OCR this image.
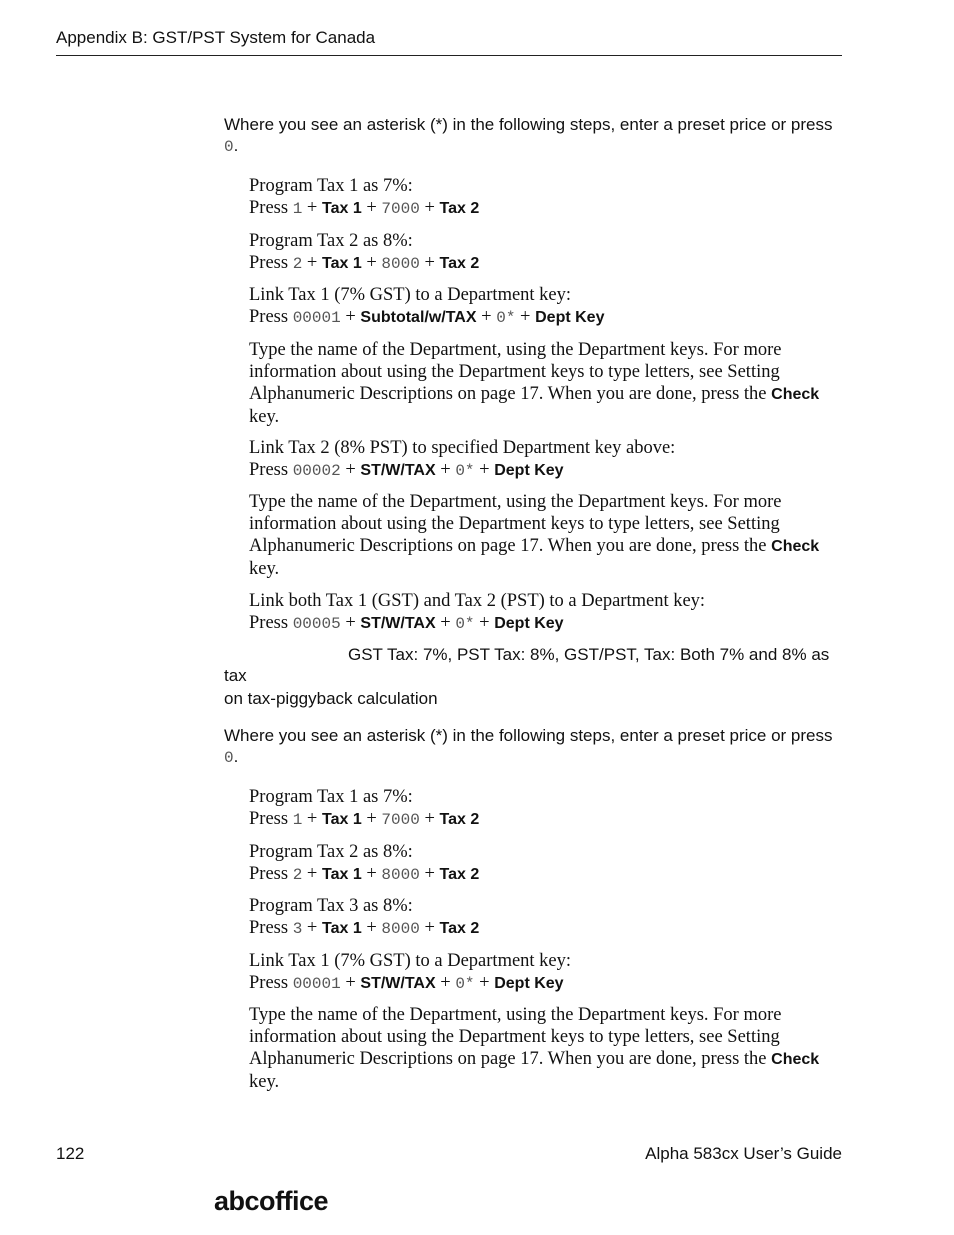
Appendix B: GST/PST System for Canada
Where you see an asterisk (*) in the following steps, enter a preset price or press 0.
Program Tax 1 as 7%:
Press 1 + Tax 1 + 7000 + Tax 2
Program Tax 2 as 8%:
Press 2 + Tax 1 + 8000 + Tax 2
Link Tax 1 (7% GST) to a Department key:
Press 00001 + Subtotal/w/TAX + 0* + Dept Key
Type the name of the Department, using the Department keys. For more information about using the Department keys to type letters, see Setting Alphanumeric Descriptions on page 17. When you are done, press the Check key.
Link Tax 2 (8% PST) to specified Department key above:
Press 00002 + ST/W/TAX + 0* + Dept Key
Type the name of the Department, using the Department keys. For more information about using the Department keys to type letters, see Setting Alphanumeric Descriptions on page 17. When you are done, press the Check key.
Link both Tax 1 (GST) and Tax 2 (PST) to a Department key:
Press 00005 + ST/W/TAX + 0* + Dept Key
GST Tax: 7%, PST Tax: 8%, GST/PST, Tax: Both 7% and 8% as tax
on tax-piggyback calculation
Where you see an asterisk (*) in the following steps, enter a preset price or press 0.
Program Tax 1 as 7%:
Press 1 + Tax 1 + 7000 + Tax 2
Program Tax 2 as 8%:
Press 2 + Tax 1 + 8000 + Tax 2
Program Tax 3 as 8%:
Press 3 + Tax 1 + 8000 + Tax 2
Link Tax 1 (7% GST) to a Department key:
Press 00001 + ST/W/TAX + 0* + Dept Key
Type the name of the Department, using the Department keys. For more information about using the Department keys to type letters, see Setting Alphanumeric Descriptions on page 17. When you are done, press the Check key.
122	Alpha 583cx User’s Guide
abcoffice
